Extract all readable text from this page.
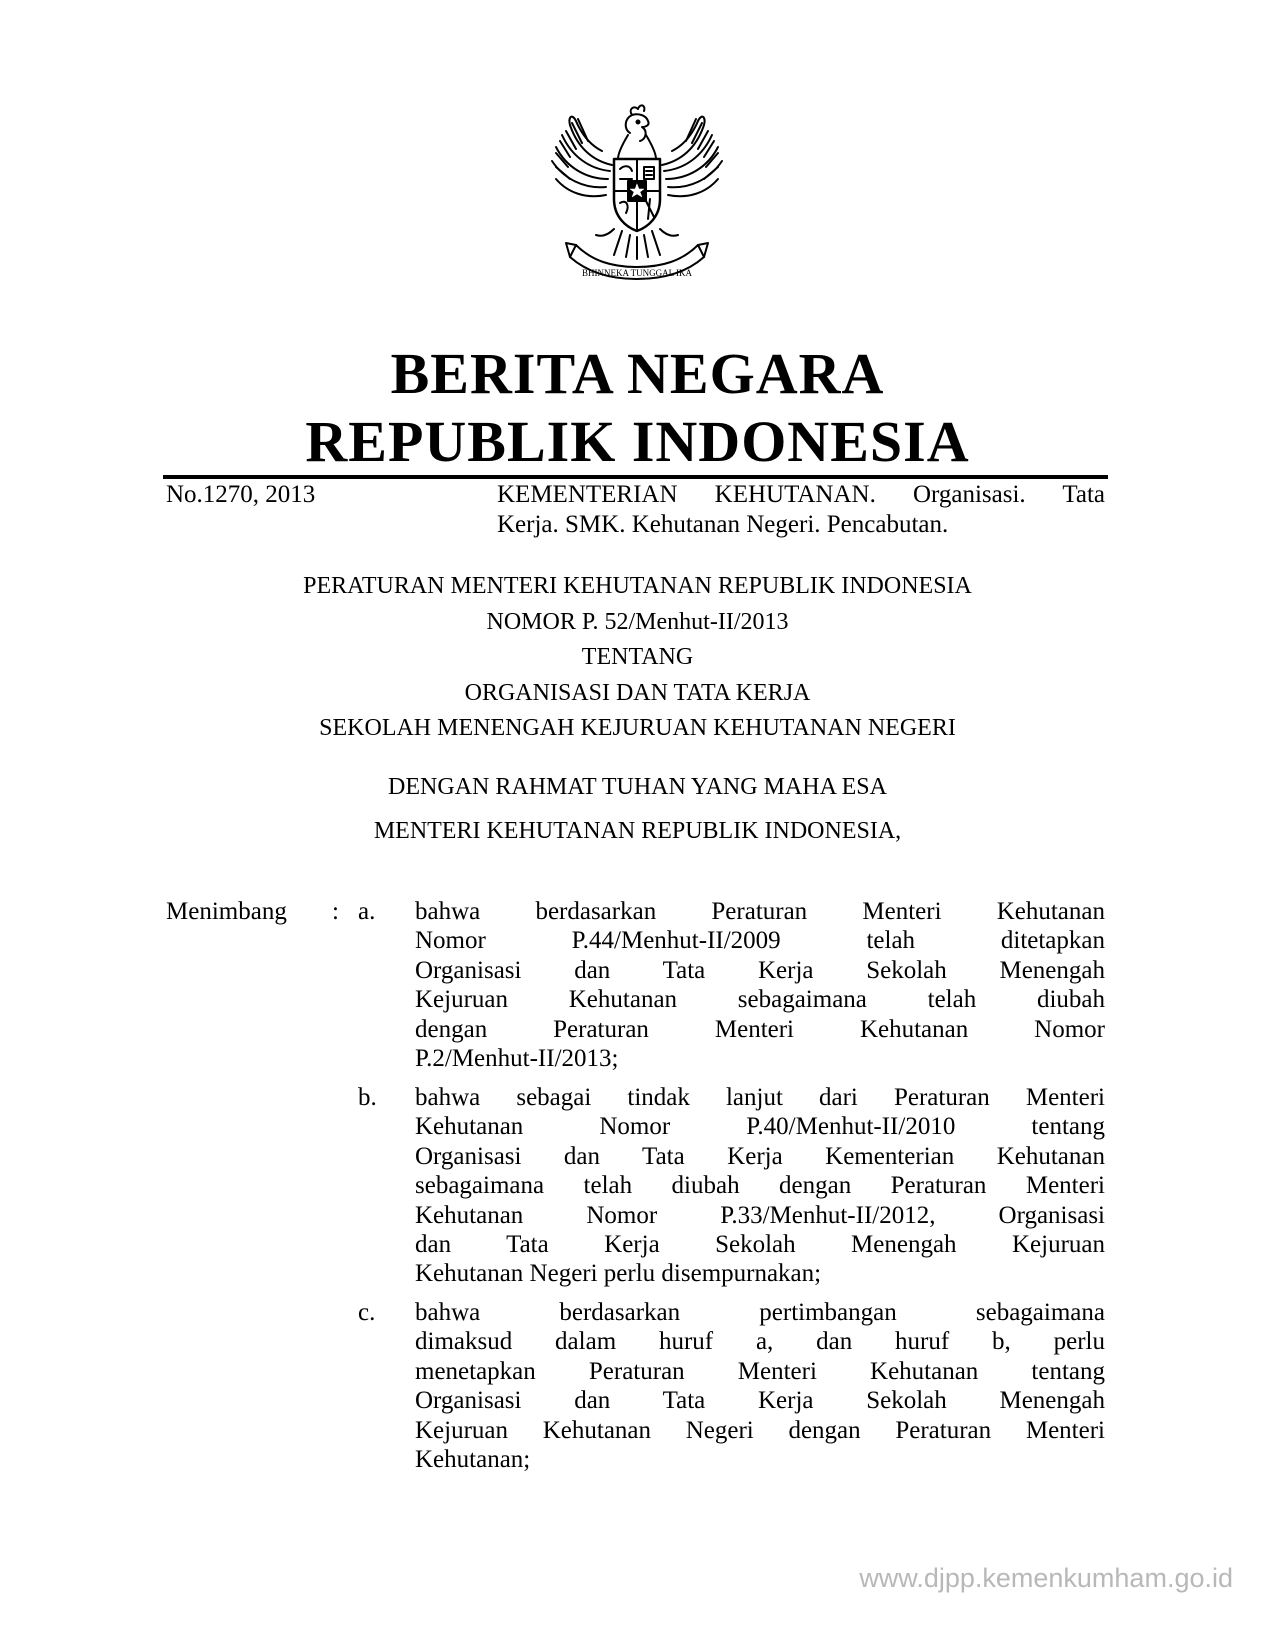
BHINNEKA TUNGGAL IKA
BERITA NEGARA
REPUBLIK INDONESIA
No.1270, 2013	KEMENTERIAN KEHUTANAN. Organisasi. Tata
Kerja. SMK. Kehutanan Negeri. Pencabutan.
PERATURAN MENTERI KEHUTANAN REPUBLIK INDONESIA
NOMOR P. 52/Menhut-II/2013
TENTANG
ORGANISASI DAN TATA KERJA
SEKOLAH MENENGAH KEJURUAN KEHUTANAN NEGERI
DENGAN RAHMAT TUHAN YANG MAHA ESA
MENTERI KEHUTANAN REPUBLIK INDONESIA,
Menimbang : a. bahwa berdasarkan Peraturan Menteri Kehutanan
Nomor P.44/Menhut-II/2009 telah ditetapkan
Organisasi dan Tata Kerja Sekolah Menengah
Kejuruan Kehutanan sebagaimana telah diubah
dengan Peraturan Menteri Kehutanan Nomor
P.2/Menhut-II/2013;
b. bahwa sebagai tindak lanjut dari Peraturan Menteri
Kehutanan Nomor P.40/Menhut-II/2010 tentang
Organisasi dan Tata Kerja Kementerian Kehutanan
sebagaimana telah diubah dengan Peraturan Menteri
Kehutanan Nomor P.33/Menhut-II/2012, Organisasi
dan Tata Kerja Sekolah Menengah Kejuruan
Kehutanan Negeri perlu disempurnakan;
c. bahwa berdasarkan pertimbangan sebagaimana
dimaksud dalam huruf a, dan huruf b, perlu
menetapkan Peraturan Menteri Kehutanan tentang
Organisasi dan Tata Kerja Sekolah Menengah
Kejuruan Kehutanan Negeri dengan Peraturan Menteri
Kehutanan;
www.djpp.kemenkumham.go.id
